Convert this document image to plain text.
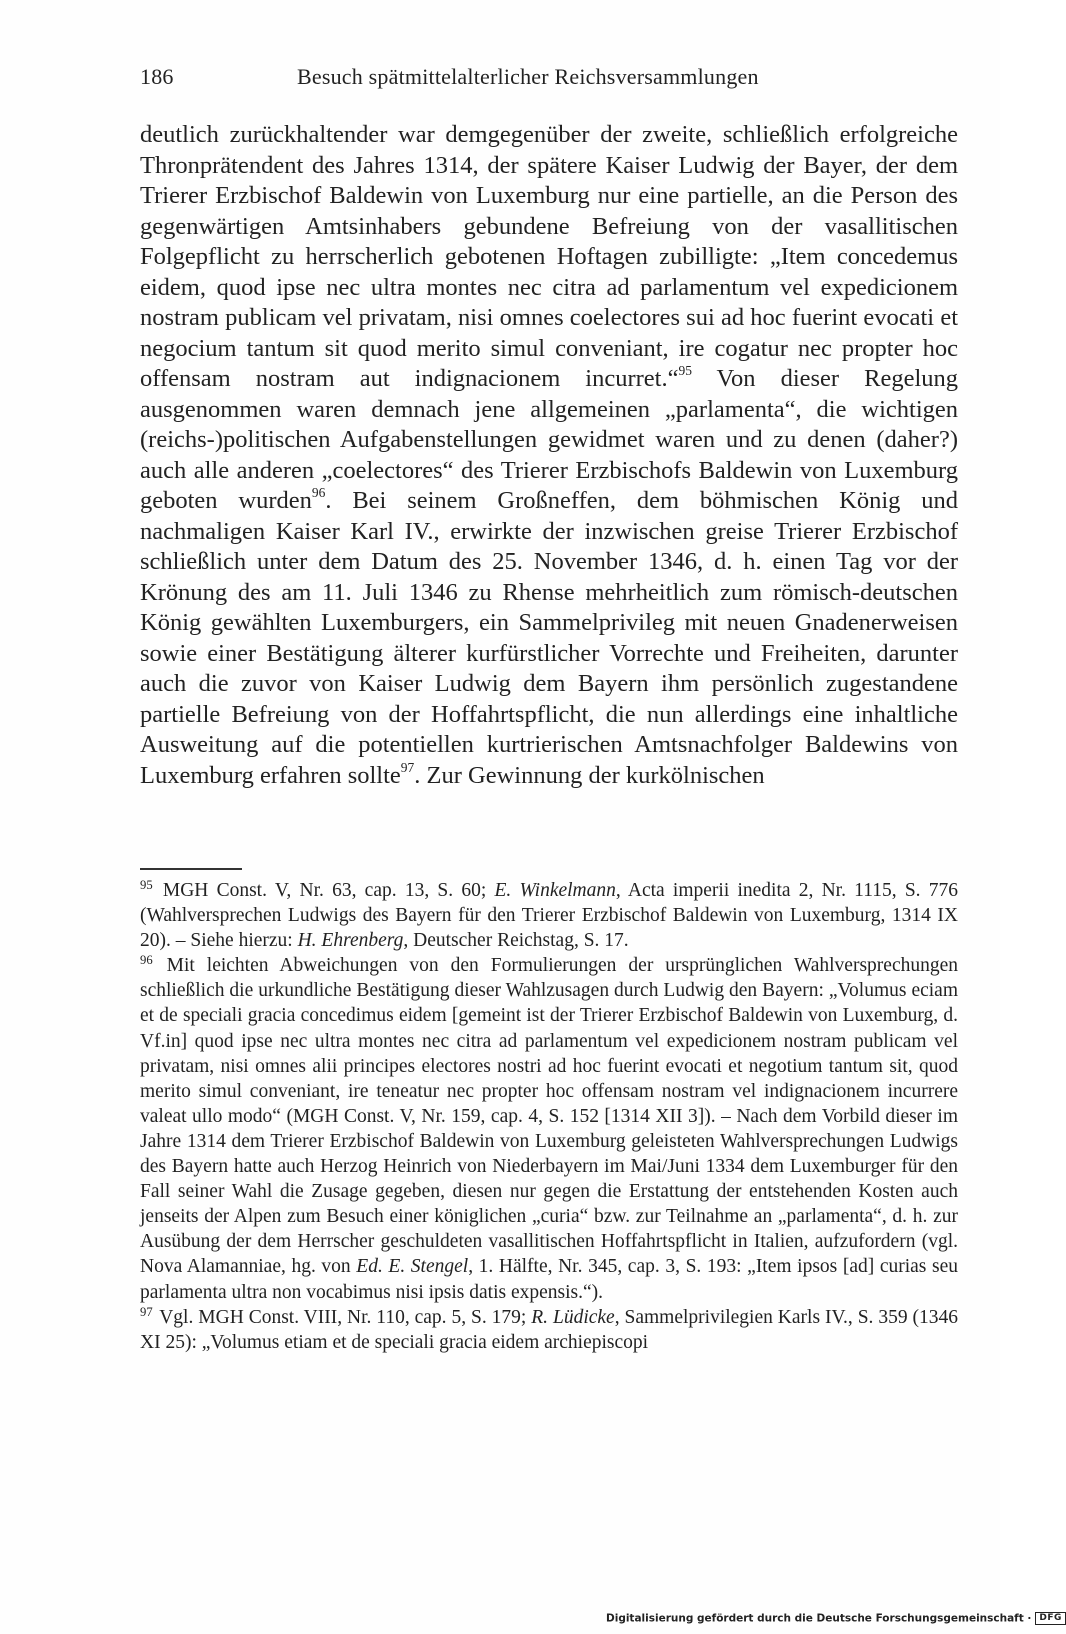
186	Besuch spätmittelalterlicher Reichsversammlungen

deutlich zurückhaltender war demgegenüber der zweite, schließlich erfolgreiche Thronprätendent des Jahres 1314, der spätere Kaiser Ludwig der Bayer, der dem Trierer Erzbischof Baldewin von Luxemburg nur eine partielle, an die Person des gegenwärtigen Amtsinhabers gebundene Befreiung von der vasallitischen Folgepflicht zu herrscherlich gebotenen Hoftagen zubilligte: „Item concedemus eidem, quod ipse nec ultra montes nec citra ad parlamentum vel expedicionem nostram publicam vel privatam, nisi omnes coelectores sui ad hoc fuerint evocati et negocium tantum sit quod merito simul conveniant, ire cogatur nec propter hoc offensam nostram aut indignacionem incurret.“$^{95}$ Von dieser Regelung ausgenommen waren demnach jene allgemeinen „parlamenta“, die wichtigen (reichs-)politischen Aufgabenstellungen gewidmet waren und zu denen (daher?) auch alle anderen „coelectores“ des Trierer Erzbischofs Baldewin von Luxemburg geboten wurden$^{96}$. Bei seinem Großneffen, dem böhmischen König und nachmaligen Kaiser Karl IV., erwirkte der inzwischen greise Trierer Erzbischof schließlich unter dem Datum des 25. November 1346, d. h. einen Tag vor der Krönung des am 11. Juli 1346 zu Rhense mehrheitlich zum römisch-deutschen König gewählten Luxemburgers, ein Sammelprivileg mit neuen Gnadenerweisen sowie einer Bestätigung älterer kurfürstlicher Vorrechte und Freiheiten, darunter auch die zuvor von Kaiser Ludwig dem Bayern ihm persönlich zugestandene partielle Befreiung von der Hoffahrtspflicht, die nun allerdings eine inhaltliche Ausweitung auf die potentiellen kurtrierischen Amtsnachfolger Baldewins von Luxemburg erfahren sollte$^{97}$. Zur Gewinnung der kurkölnischen

$^{95}$ MGH Const. V, Nr. 63, cap. 13, S. 60; E. Winkelmann, Acta imperii inedita 2, Nr. 1115, S. 776 (Wahlversprechen Ludwigs des Bayern für den Trierer Erzbischof Baldewin von Luxemburg, 1314 IX 20). – Siehe hierzu: H. Ehrenberg, Deutscher Reichstag, S. 17.

$^{96}$ Mit leichten Abweichungen von den Formulierungen der ursprünglichen Wahlversprechungen schließlich die urkundliche Bestätigung dieser Wahlzusagen durch Ludwig den Bayern: „Volumus eciam et de speciali gracia concedimus eidem [gemeint ist der Trierer Erzbischof Baldewin von Luxemburg, d. Vf.in] quod ipse nec ultra montes nec citra ad parlamentum vel expedicionem nostram publicam vel privatam, nisi omnes alii principes electores nostri ad hoc fuerint evocati et negotium tantum sit, quod merito simul conveniant, ire teneatur nec propter hoc offensam nostram vel indignacionem incurrere valeat ullo modo“ (MGH Const. V, Nr. 159, cap. 4, S. 152 [1314 XII 3]). – Nach dem Vorbild dieser im Jahre 1314 dem Trierer Erzbischof Baldewin von Luxemburg geleisteten Wahlversprechungen Ludwigs des Bayern hatte auch Herzog Heinrich von Niederbayern im Mai/Juni 1334 dem Luxemburger für den Fall seiner Wahl die Zusage gegeben, diesen nur gegen die Erstattung der entstehenden Kosten auch jenseits der Alpen zum Besuch einer königlichen „curia“ bzw. zur Teilnahme an „parlamenta“, d. h. zur Ausübung der dem Herrscher geschuldeten vasallitischen Hoffahrtspflicht in Italien, aufzufordern (vgl. Nova Alamanniae, hg. von Ed. E. Stengel, 1. Hälfte, Nr. 345, cap. 3, S. 193: „Item ipsos [ad] curias seu parlamenta ultra non vocabimus nisi ipsis datis expensis.“).

$^{97}$ Vgl. MGH Const. VIII, Nr. 110, cap. 5, S. 179; R. Lüdicke, Sammelprivilegien Karls IV., S. 359 (1346 XI 25): „Volumus etiam et de speciali gracia eidem archiepiscopi

Digitalisierung gefördert durch die Deutsche Forschungsgemeinschaft · DFG
